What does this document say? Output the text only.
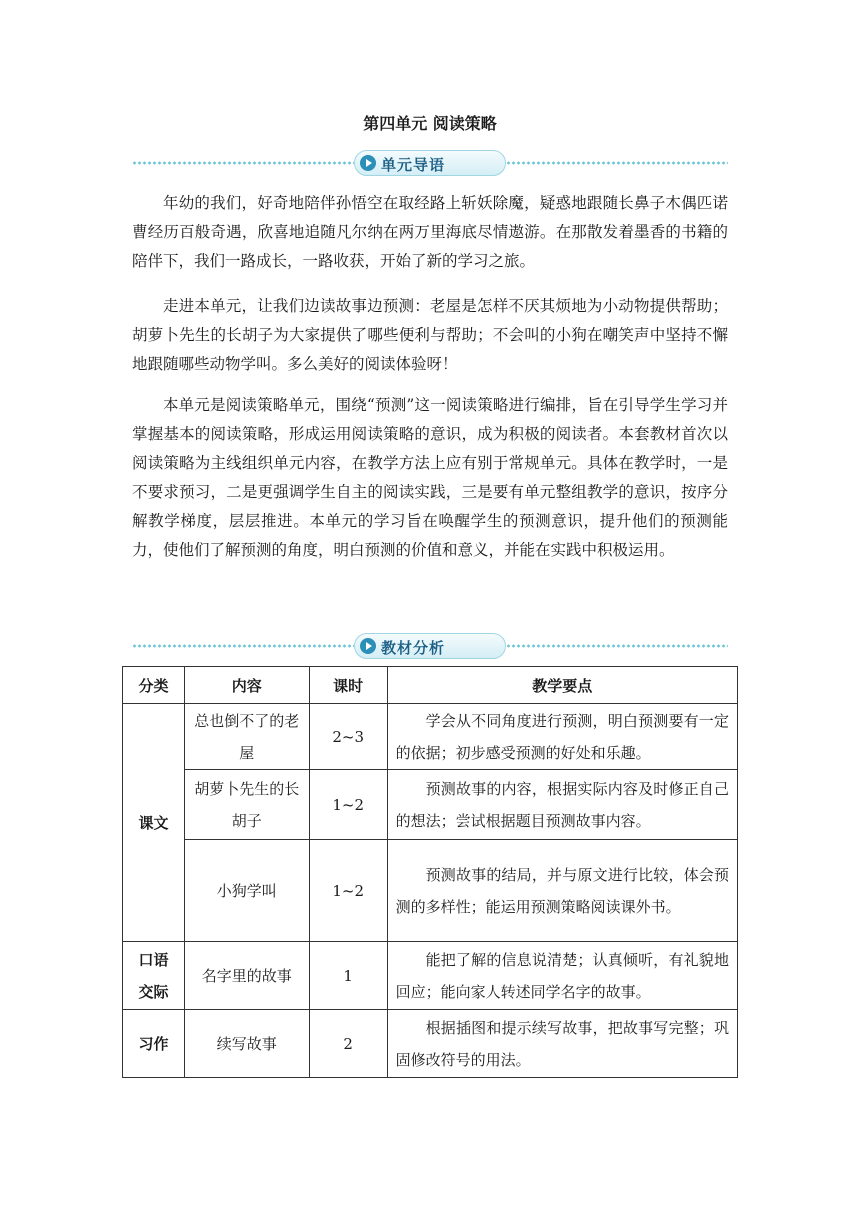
第四单元 阅读策略
单元导语

年幼的我们，好奇地陪伴孙悟空在取经路上斩妖除魔，疑惑地跟随长鼻子木偶匹诺曹经历百般奇遇，欣喜地追随凡尔纳在两万里海底尽情遨游。在那散发着墨香的书籍的陪伴下，我们一路成长，一路收获，开始了新的学习之旅。

走进本单元，让我们边读故事边预测：老屋是怎样不厌其烦地为小动物提供帮助；胡萝卜先生的长胡子为大家提供了哪些便利与帮助；不会叫的小狗在嘲笑声中坚持不懈地跟随哪些动物学叫。多么美好的阅读体验呀！

本单元是阅读策略单元，围绕“预测”这一阅读策略进行编排，旨在引导学生学习并掌握基本的阅读策略，形成运用阅读策略的意识，成为积极的阅读者。本套教材首次以阅读策略为主线组织单元内容，在教学方法上应有别于常规单元。具体在教学时，一是不要求预习，二是更强调学生自主的阅读实践，三是要有单元整组教学的意识，按序分解教学梯度，层层推进。本单元的学习旨在唤醒学生的预测意识，提升他们的预测能力，使他们了解预测的角度，明白预测的价值和意义，并能在实践中积极运用。

教材分析
分类	内容	课时	教学要点
课文	总也倒不了的老屋	2~3	学会从不同角度进行预测，明白预测要有一定的依据；初步感受预测的好处和乐趣。
	胡萝卜先生的长胡子	1~2	预测故事的内容，根据实际内容及时修正自己的想法；尝试根据题目预测故事内容。
	小狗学叫	1~2	预测故事的结局，并与原文进行比较，体会预测的多样性；能运用预测策略阅读课外书。
口语交际	名字里的故事	1	能把了解的信息说清楚；认真倾听，有礼貌地回应；能向家人转述同学名字的故事。
习作	续写故事	2	根据插图和提示续写故事，把故事写完整；巩固修改符号的用法。
